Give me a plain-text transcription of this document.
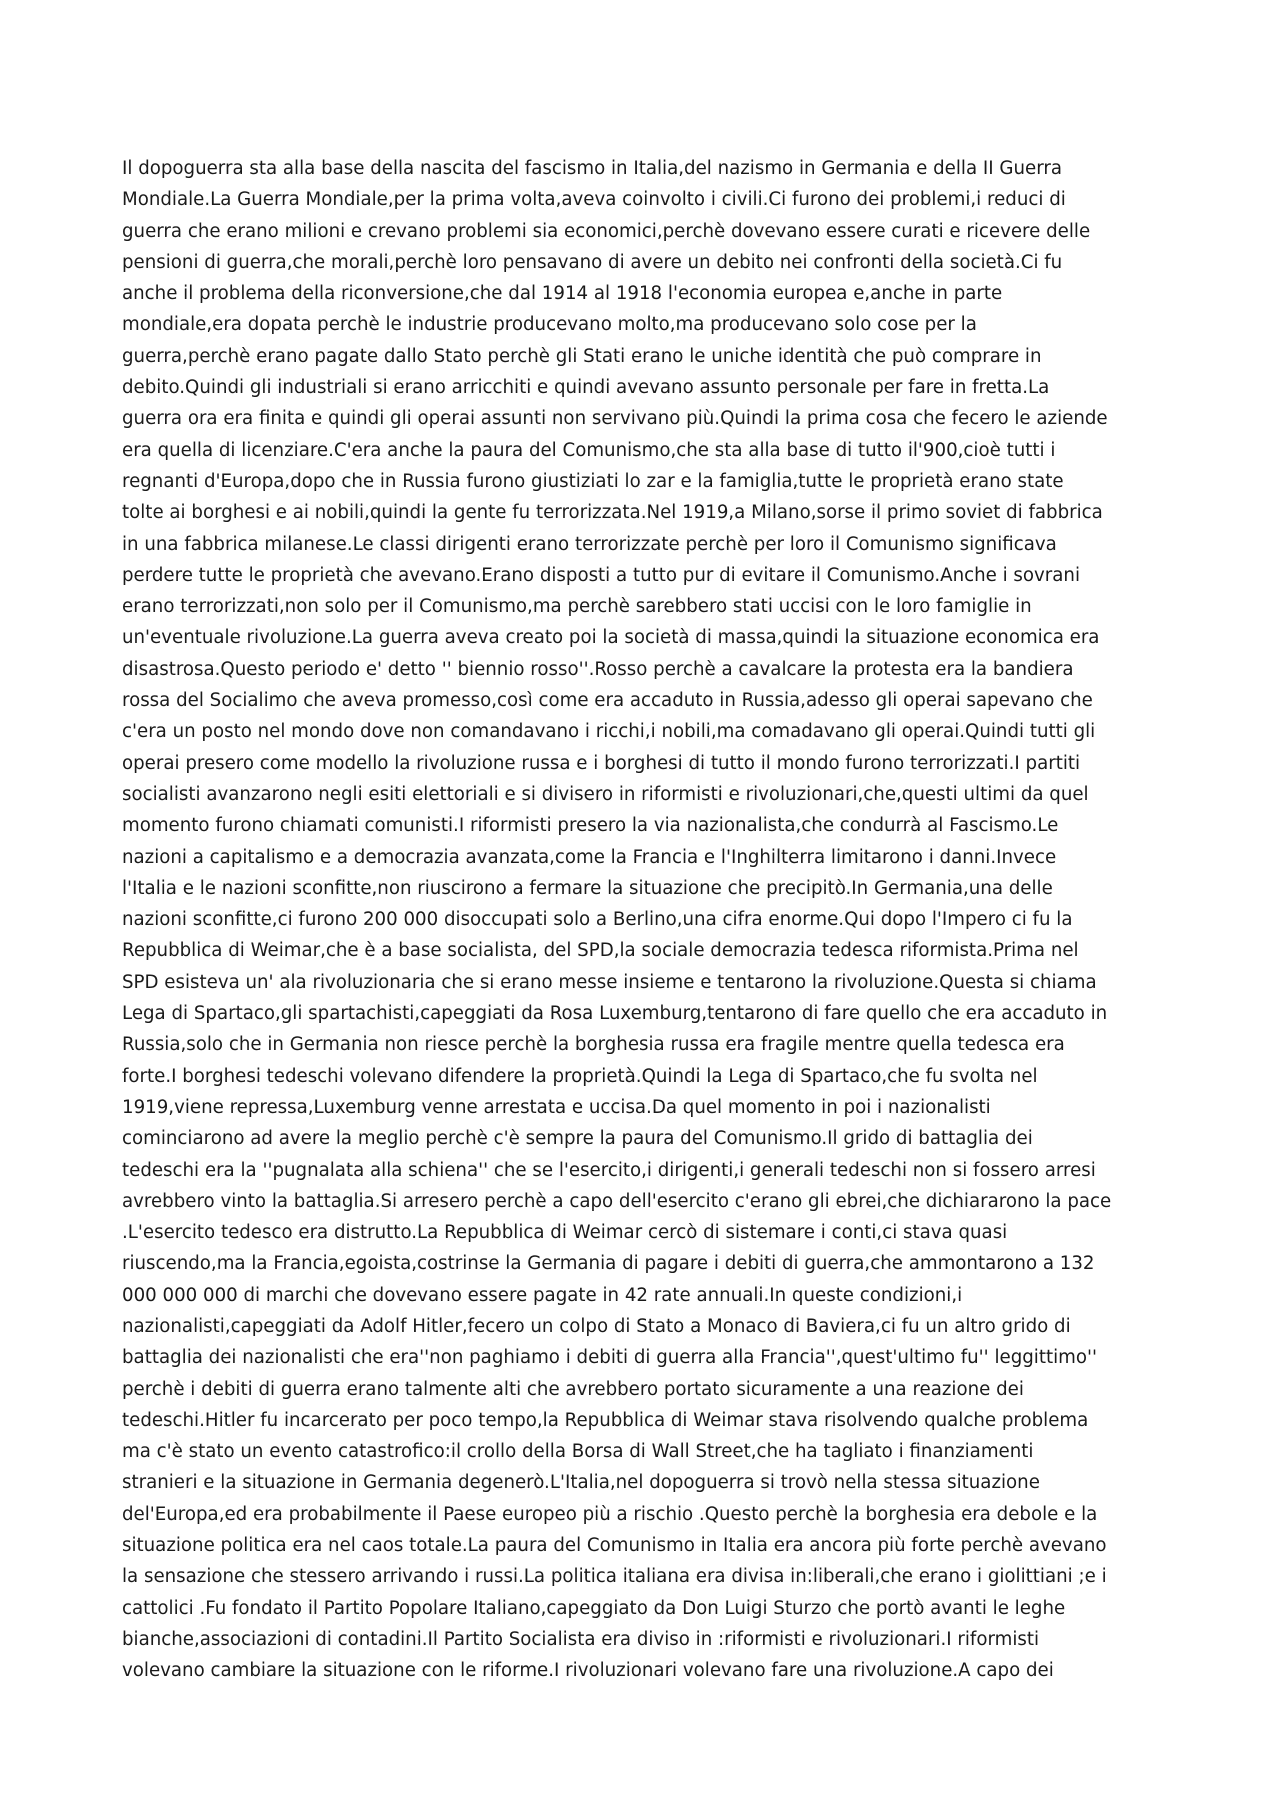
Il dopoguerra sta alla base della nascita del fascismo in Italia,del nazismo in Germania e della II Guerra
Mondiale.La Guerra Mondiale,per la prima volta,aveva coinvolto i civili.Ci furono dei problemi,i reduci di
guerra che erano milioni e crevano problemi sia economici,perchè dovevano essere curati e ricevere delle
pensioni di guerra,che morali,perchè loro pensavano di avere un debito nei confronti della società.Ci fu
anche il problema della riconversione,che dal 1914 al 1918 l'economia europea e,anche in parte
mondiale,era dopata perchè le industrie producevano molto,ma producevano solo cose per la
guerra,perchè erano pagate dallo Stato perchè gli Stati erano le uniche identità che può comprare in
debito.Quindi gli industriali si erano arricchiti e quindi avevano assunto personale per fare in fretta.La
guerra ora era finita e quindi gli operai assunti non servivano più.Quindi la prima cosa che fecero le aziende
era quella di licenziare.C'era anche la paura del Comunismo,che sta alla base di tutto il'900,cioè tutti i
regnanti d'Europa,dopo che in Russia furono giustiziati lo zar e la famiglia,tutte le proprietà erano state
tolte ai borghesi e ai nobili,quindi la gente fu terrorizzata.Nel 1919,a Milano,sorse il primo soviet di fabbrica
in una fabbrica milanese.Le classi dirigenti erano terrorizzate perchè per loro il Comunismo significava
perdere tutte le proprietà che avevano.Erano disposti a tutto pur di evitare il Comunismo.Anche i sovrani
erano terrorizzati,non solo per il Comunismo,ma perchè sarebbero stati uccisi con le loro famiglie in
un'eventuale rivoluzione.La guerra aveva creato poi la società di massa,quindi la situazione economica era
disastrosa.Questo periodo e' detto '' biennio rosso''.Rosso perchè a cavalcare la protesta era la bandiera
rossa del Socialimo che aveva promesso,così come era accaduto in Russia,adesso gli operai sapevano che
c'era un posto nel mondo dove non comandavano i ricchi,i nobili,ma comadavano gli operai.Quindi tutti gli
operai presero come modello la rivoluzione russa e i borghesi di tutto il mondo furono terrorizzati.I partiti
socialisti avanzarono negli esiti elettoriali e si divisero in riformisti e rivoluzionari,che,questi ultimi da quel
momento furono chiamati comunisti.I riformisti presero la via nazionalista,che condurrà al Fascismo.Le
nazioni a capitalismo e a democrazia avanzata,come la Francia e l'Inghilterra limitarono i danni.Invece
l'Italia e le nazioni sconfitte,non riuscirono a fermare la situazione che precipitò.In Germania,una delle
nazioni sconfitte,ci furono 200 000 disoccupati solo a Berlino,una cifra enorme.Qui dopo l'Impero ci fu la
Repubblica di Weimar,che è a base socialista, del SPD,la sociale democrazia tedesca riformista.Prima nel
SPD esisteva un' ala rivoluzionaria che si erano messe insieme e tentarono la rivoluzione.Questa si chiama
Lega di Spartaco,gli spartachisti,capeggiati da Rosa Luxemburg,tentarono di fare quello che era accaduto in
Russia,solo che in Germania non riesce perchè la borghesia russa era fragile mentre quella tedesca era
forte.I borghesi tedeschi volevano difendere la proprietà.Quindi la Lega di Spartaco,che fu svolta nel
1919,viene repressa,Luxemburg venne arrestata e uccisa.Da quel momento in poi i nazionalisti
cominciarono ad avere la meglio perchè c'è sempre la paura del Comunismo.Il grido di battaglia dei
tedeschi era la ''pugnalata alla schiena'' che se l'esercito,i dirigenti,i generali tedeschi non si fossero arresi
avrebbero vinto la battaglia.Si arresero perchè a capo dell'esercito c'erano gli ebrei,che dichiararono la pace
.L'esercito tedesco era distrutto.La Repubblica di Weimar cercò di sistemare i conti,ci stava quasi
riuscendo,ma la Francia,egoista,costrinse la Germania di pagare i debiti di guerra,che ammontarono a 132
000 000 000 di marchi che dovevano essere pagate in 42 rate annuali.In queste condizioni,i
nazionalisti,capeggiati da Adolf Hitler,fecero un colpo di Stato a Monaco di Baviera,ci fu un altro grido di
battaglia dei nazionalisti che era''non paghiamo i debiti di guerra alla Francia'',quest'ultimo fu'' leggittimo''
perchè i debiti di guerra erano talmente alti che avrebbero portato sicuramente a una reazione dei
tedeschi.Hitler fu incarcerato per poco tempo,la Repubblica di Weimar stava risolvendo qualche problema
ma c'è stato un evento catastrofico:il crollo della Borsa di Wall Street,che ha tagliato i finanziamenti
stranieri e la situazione in Germania degenerò.L'Italia,nel dopoguerra si trovò nella stessa situazione
del'Europa,ed era probabilmente il Paese europeo più a rischio .Questo perchè la borghesia era debole e la
situazione politica era nel caos totale.La paura del Comunismo in Italia era ancora più forte perchè avevano
la sensazione che stessero arrivando i russi.La politica italiana era divisa in:liberali,che erano i giolittiani ;e i
cattolici .Fu fondato il Partito Popolare Italiano,capeggiato da Don Luigi Sturzo che portò avanti le leghe
bianche,associazioni di contadini.Il Partito Socialista era diviso in :riformisti e rivoluzionari.I riformisti
volevano cambiare la situazione con le riforme.I rivoluzionari volevano fare una rivoluzione.A capo dei
